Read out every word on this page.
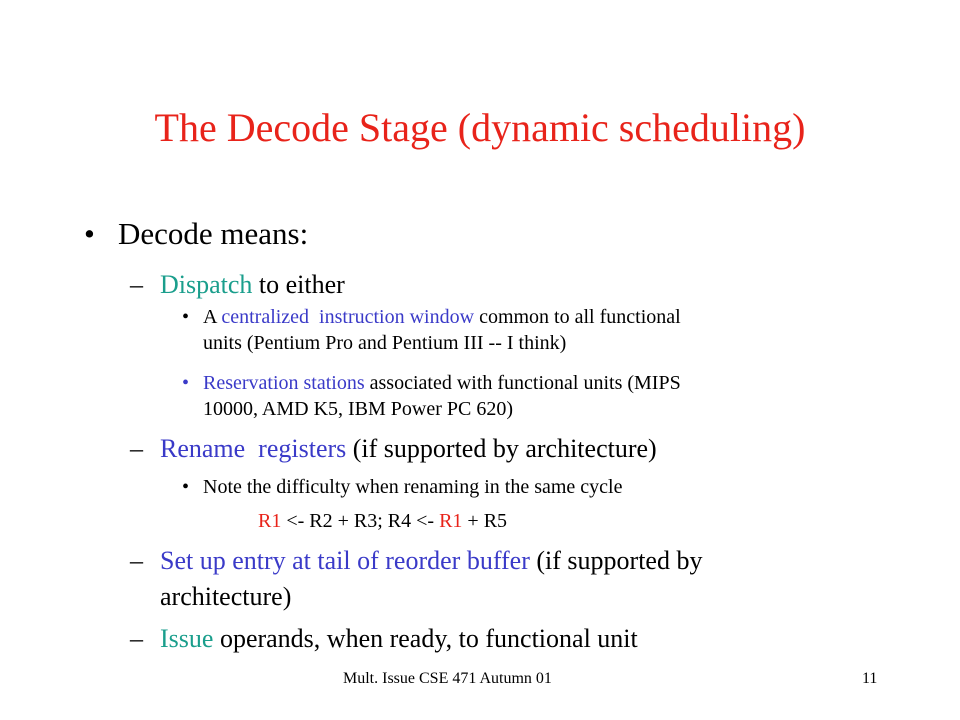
The Decode Stage (dynamic scheduling)
• Decode means:
– Dispatch to either
• A centralized  instruction window common to all functional
units (Pentium Pro and Pentium III -- I think)
• Reservation stations associated with functional units (MIPS
10000, AMD K5, IBM Power PC 620)
– Rename  registers (if supported by architecture)
• Note the difficulty when renaming in the same cycle
R1 <- R2 + R3; R4 <- R1 + R5
– Set up entry at tail of reorder buffer (if supported by
architecture)
– Issue operands, when ready, to functional unit
Mult. Issue CSE 471 Autumn 01	11
